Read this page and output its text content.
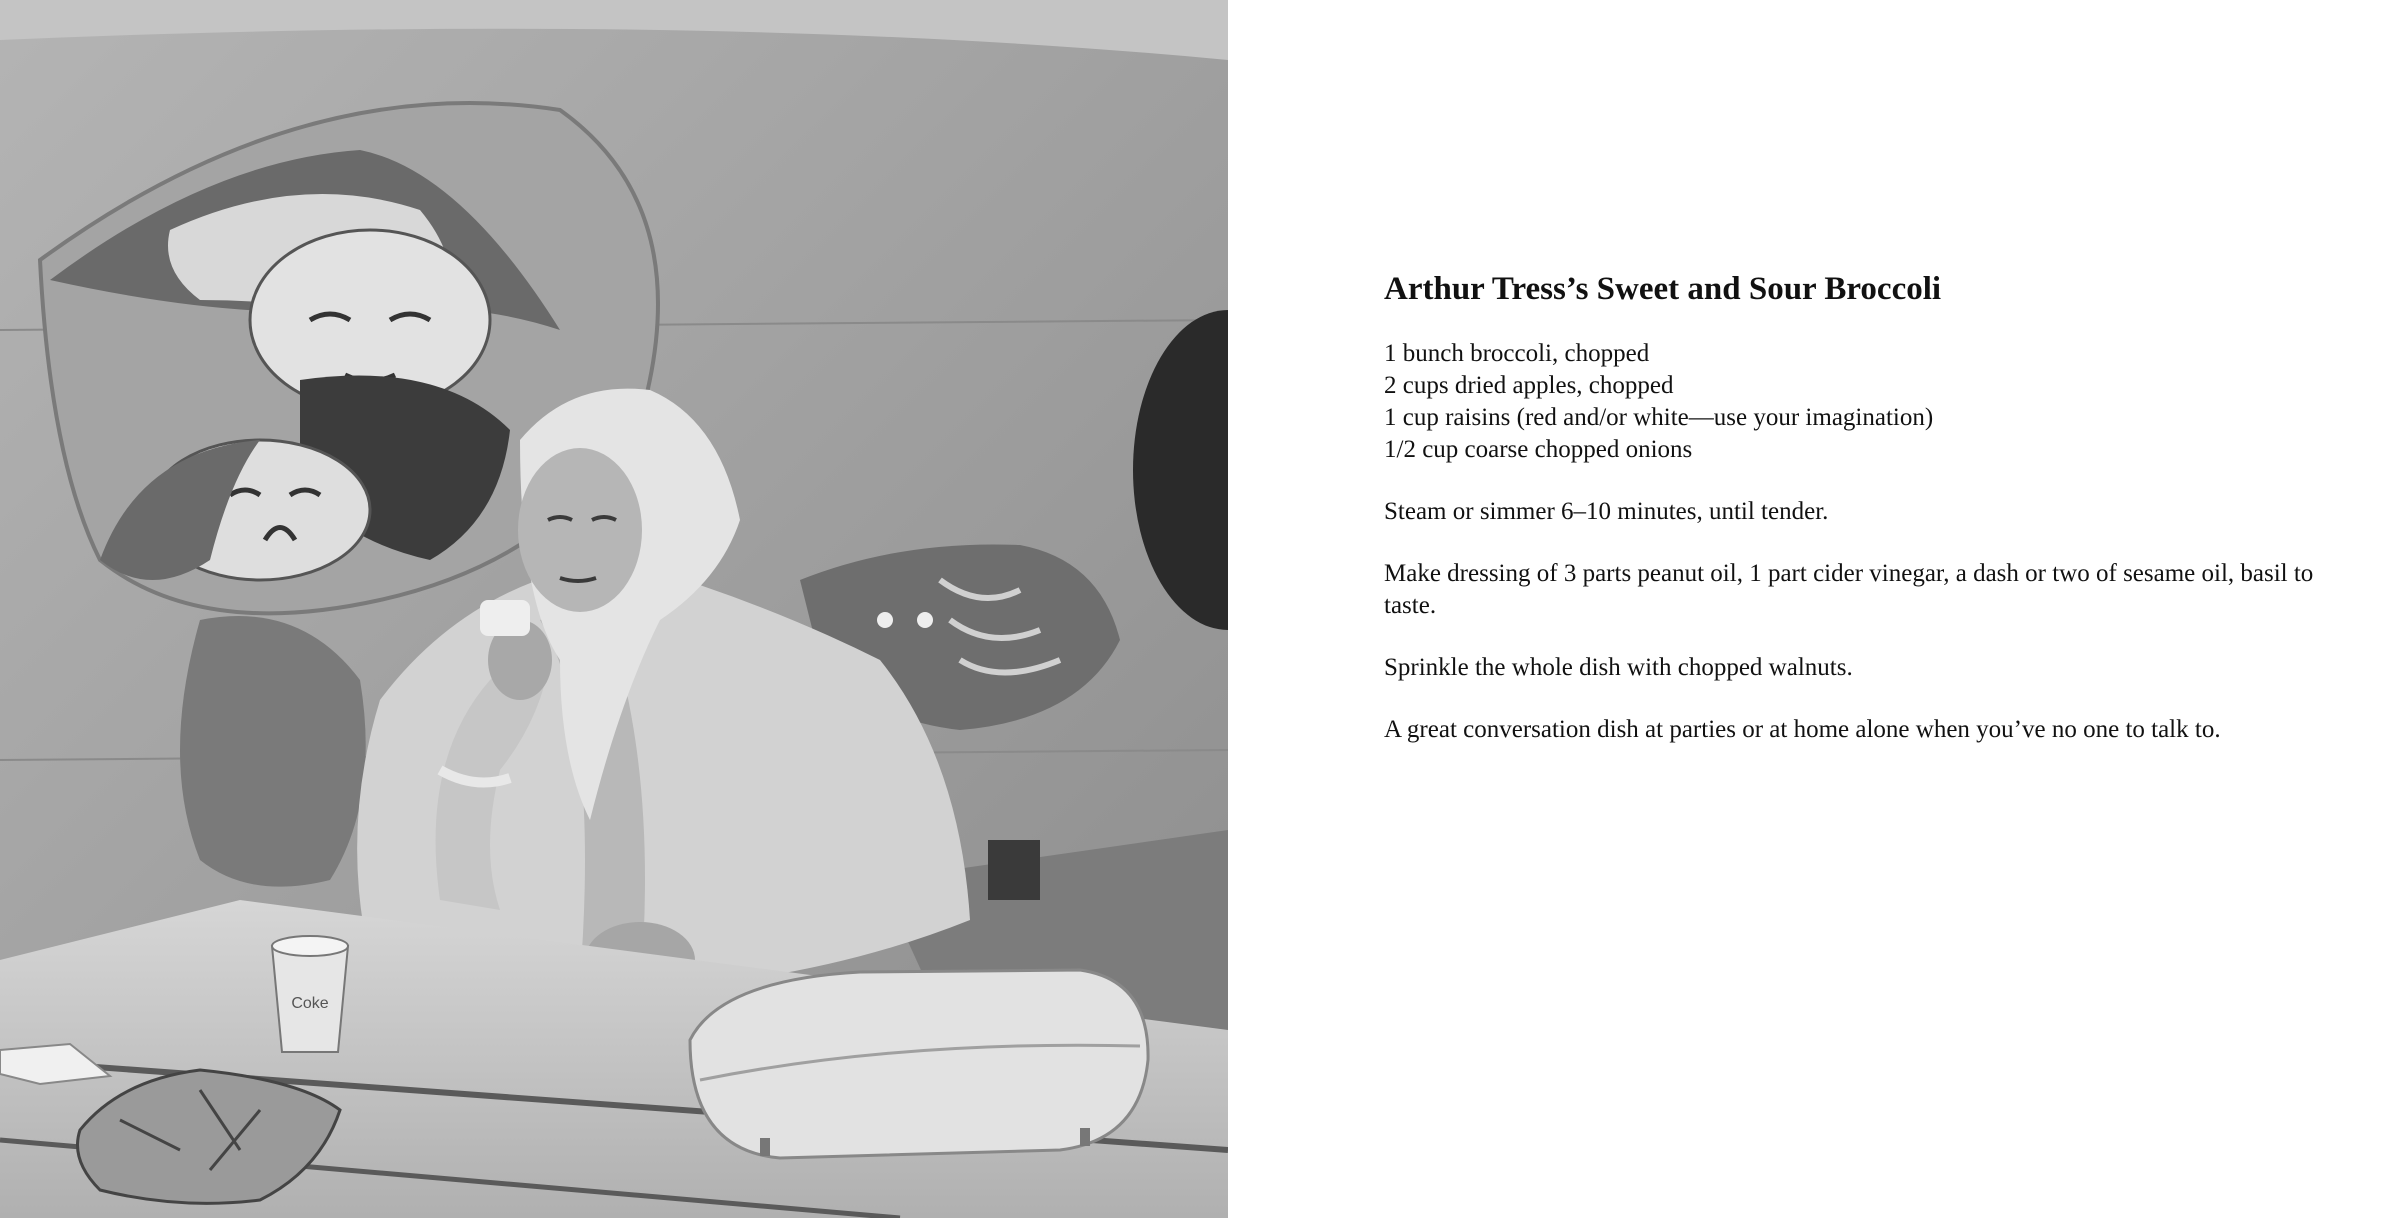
Coke
Arthur Tress’s Sweet and Sour Broccoli
1 bunch broccoli, chopped
2 cups dried apples, chopped
1 cup raisins (red and/or white—use your imagination)
1/2 cup coarse chopped onions

Steam or simmer 6–10 minutes, until tender.

Make dressing of 3 parts peanut oil, 1 part cider vinegar, a dash or two of sesame oil, basil to taste.

Sprinkle the whole dish with chopped walnuts.

A great conversation dish at parties or at home alone when you’ve no one to talk to.
